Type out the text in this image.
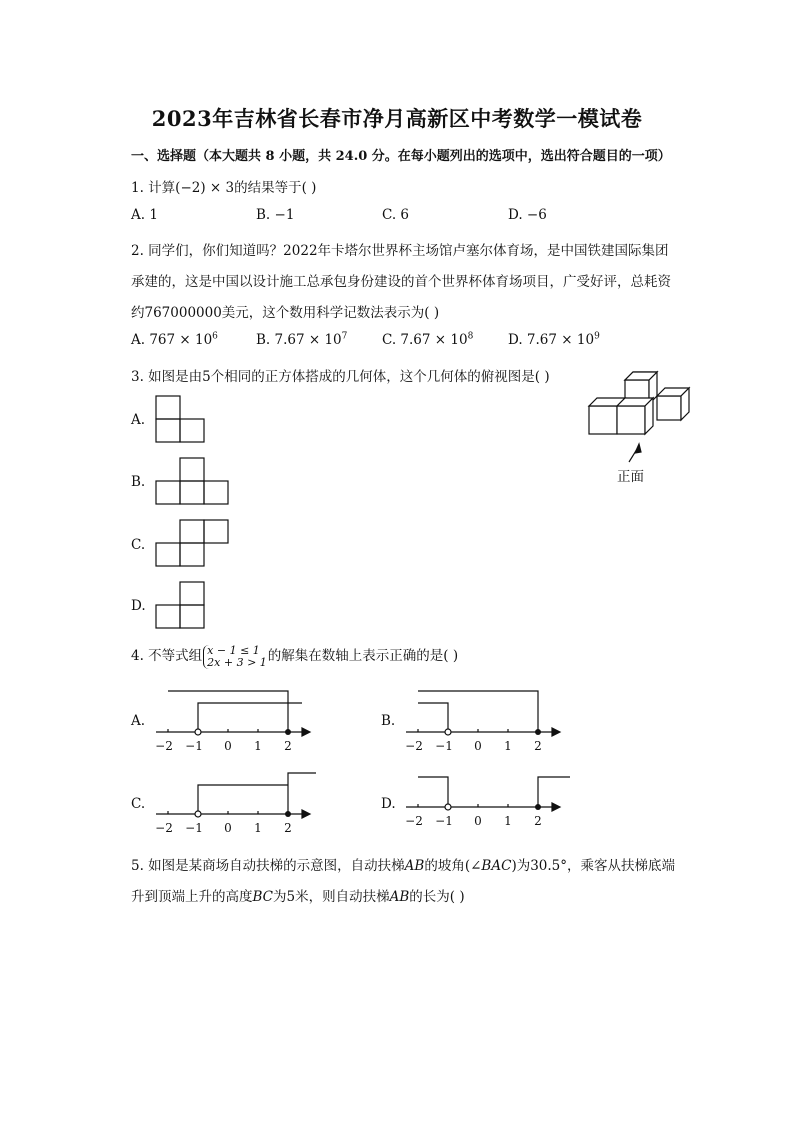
2023年吉林省长春市净月高新区中考数学一模试卷
一、选择题（本大题共 8 小题，共 24.0 分。在每小题列出的选项中，选出符合题目的一项）
1. 计算(−2) × 3的结果等于( )
A. 1	B. −1	C. 6	D. −6
2. 同学们，你们知道吗？2022年卡塔尔世界杯主场馆卢塞尔体育场，是中国铁建国际集团
承建的，这是中国以设计施工总承包身份建设的首个世界杯体育场项目，广受好评，总耗资
约767000000美元，这个数用科学记数法表示为( )
A. $767 \times 10^6$	B. $7.67 \times 10^7$	C. $7.67 \times 10^8$	D. $7.67 \times 10^9$
3. 如图是由5个相同的正方体搭成的几何体，这个几何体的俯视图是( )
正面
A.
B.
C.
D.
4. 不等式组 x − 1 ≤ 1
2x + 3 > 1的解集在数轴上表示正确的是( )
A.
−2 −1 0 1 2
B.
−2 −1 0 1 2
C.
−2 −1 0 1 2
D.
−2 −1 0 1 2
5. 如图是某商场自动扶梯的示意图，自动扶梯AB的坡角(∠BAC)为30.5°，乘客从扶梯底端
升到顶端上升的高度BC为5米，则自动扶梯AB的长为( )
